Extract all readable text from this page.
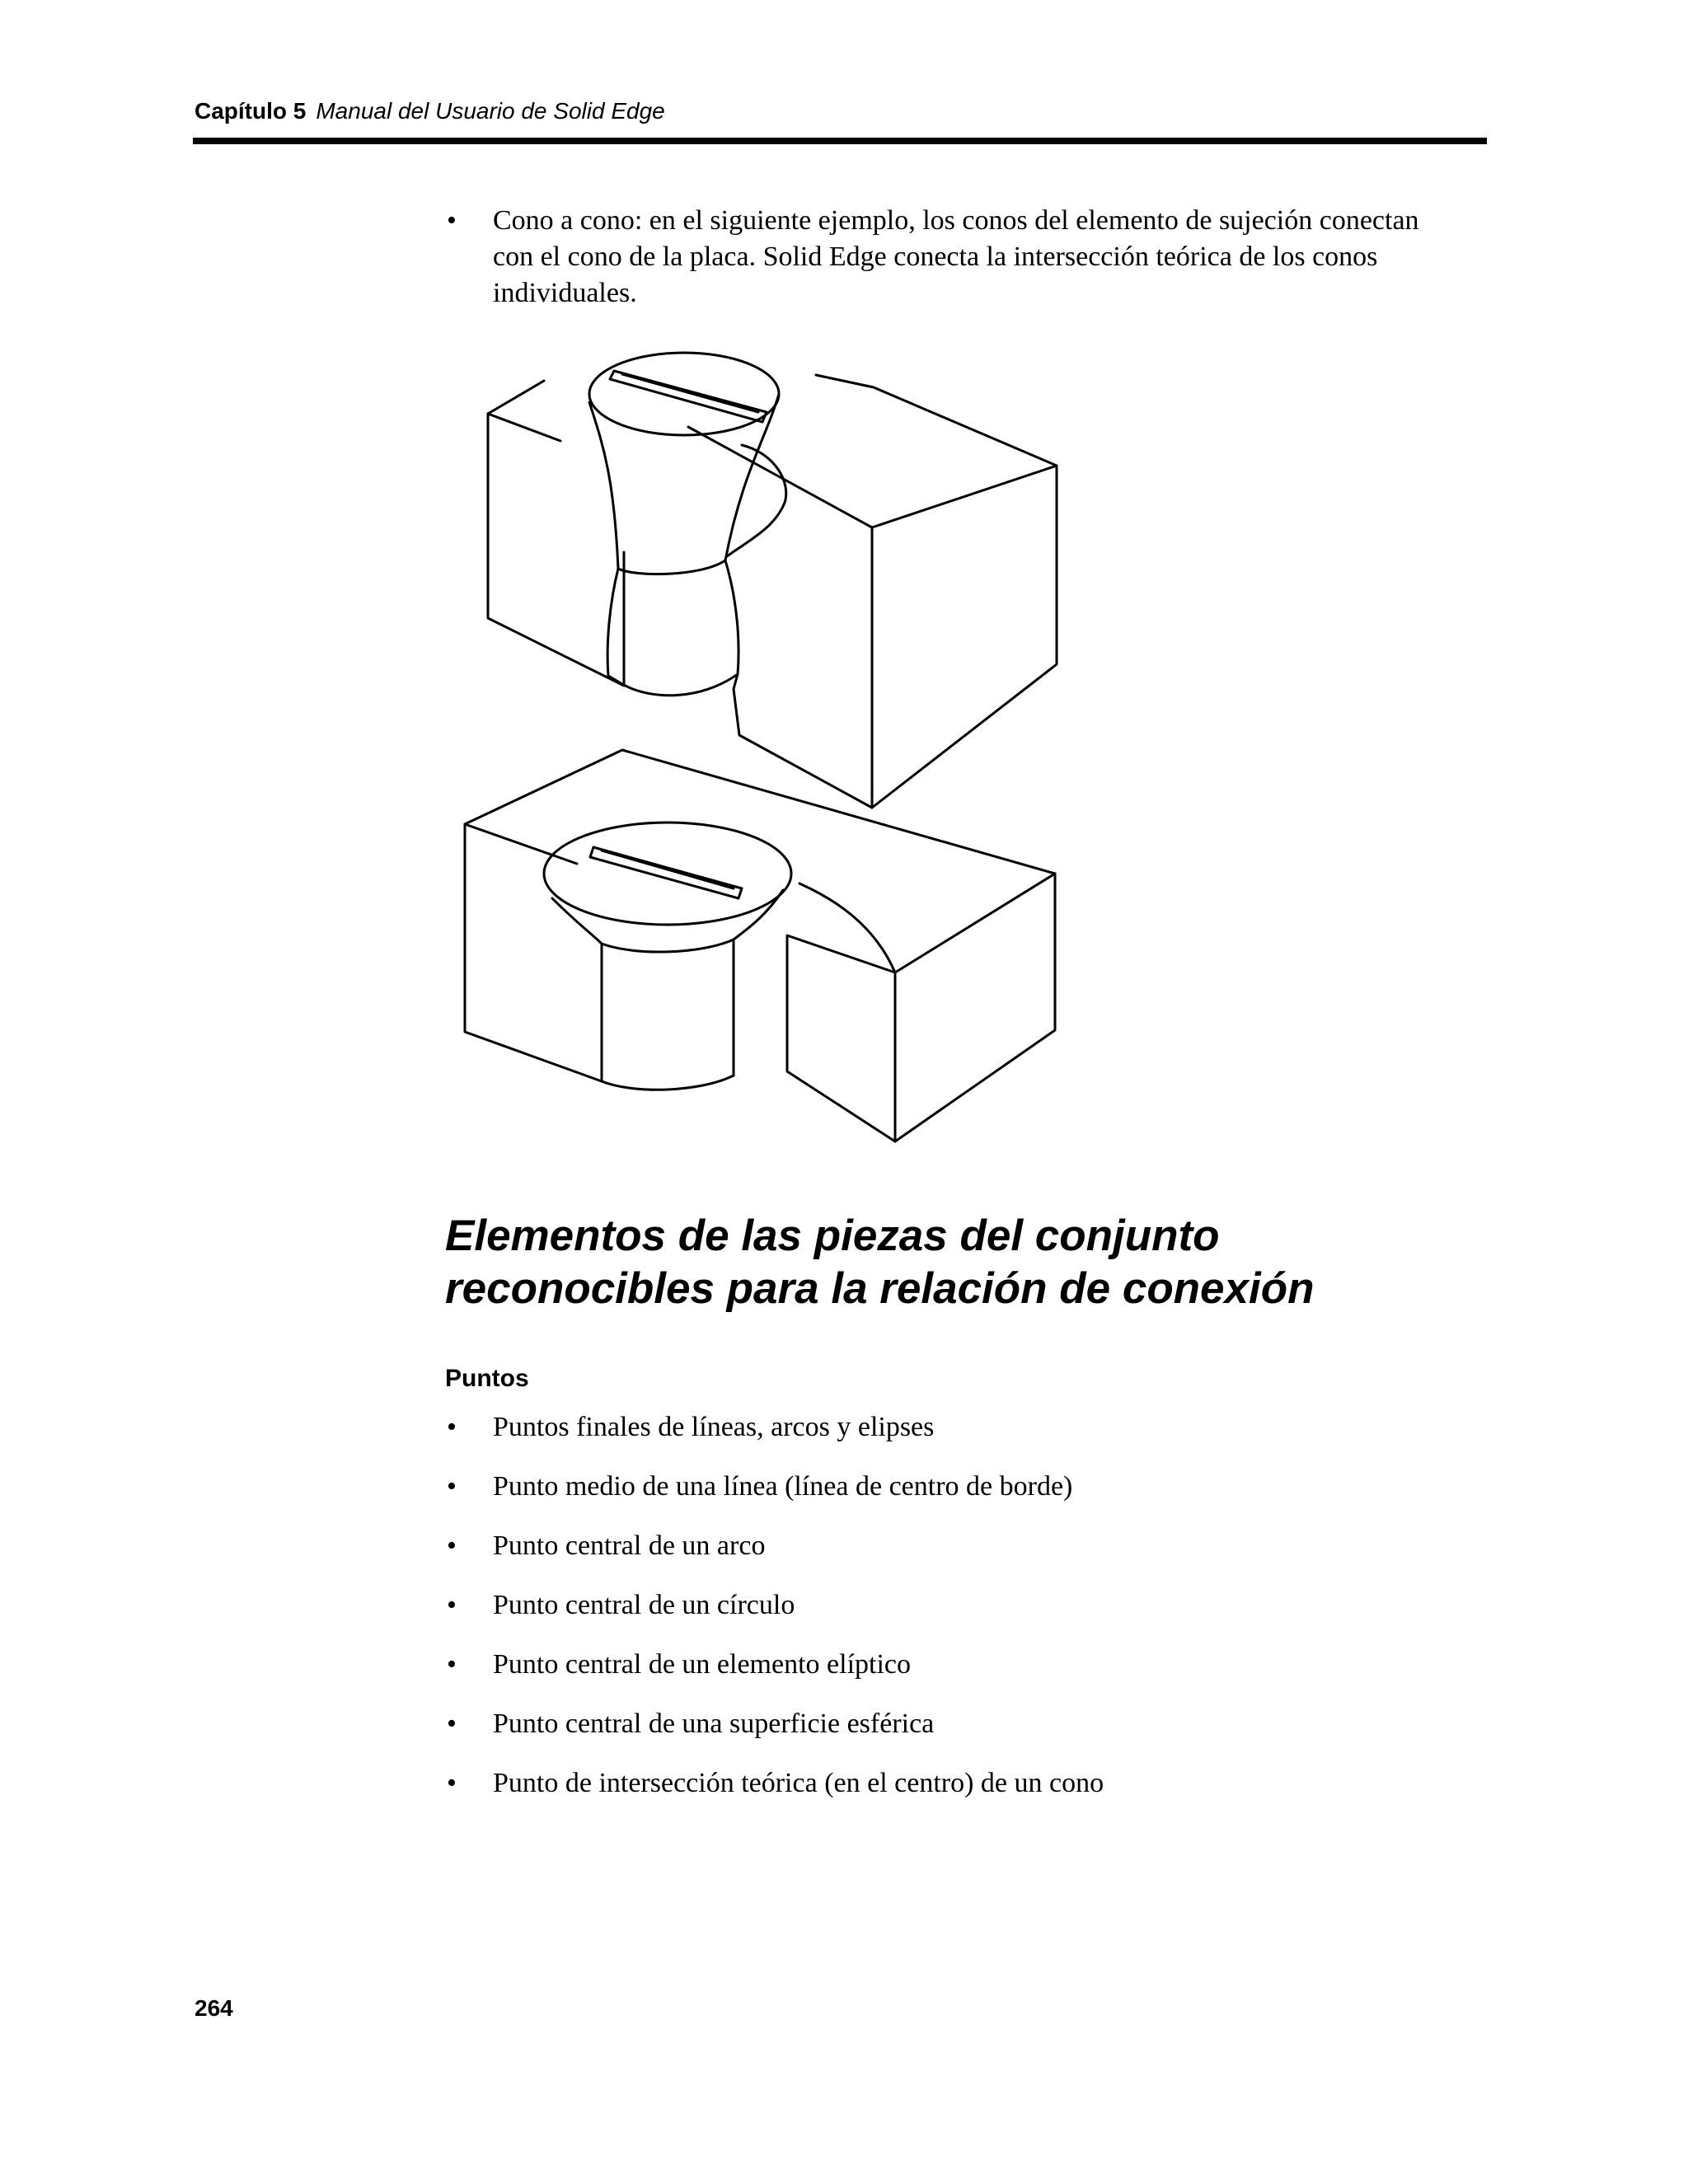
Capítulo 5 Manual del Usuario de Solid Edge
• Cono a cono: en el siguiente ejemplo, los conos del elemento de sujeción conectan con el cono de la placa. Solid Edge conecta la intersección teórica de los conos individuales.
Elementos de las piezas del conjunto
reconocibles para la relación de conexión
Puntos
• Puntos finales de líneas, arcos y elipses
• Punto medio de una línea (línea de centro de borde)
• Punto central de un arco
• Punto central de un círculo
• Punto central de un elemento elíptico
• Punto central de una superficie esférica
• Punto de intersección teórica (en el centro) de un cono
264
